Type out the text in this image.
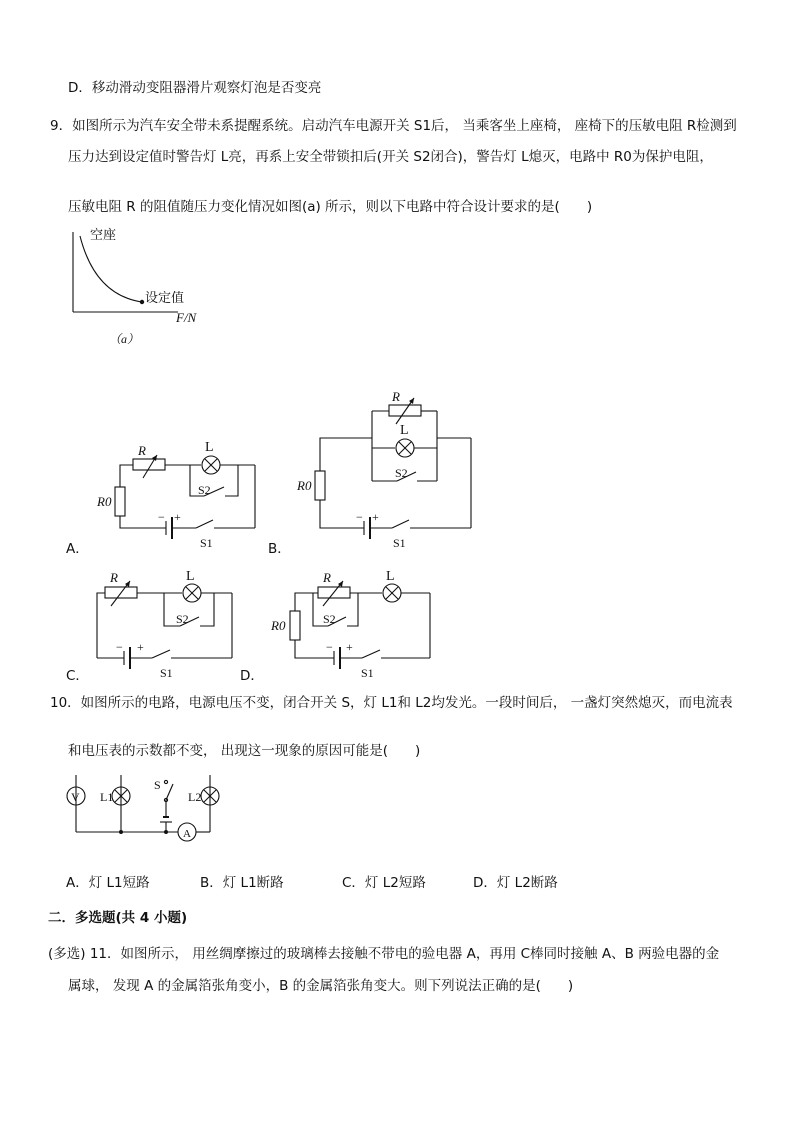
D．移动滑动变阻器滑片观察灯泡是否变亮
9．如图所示为汽车安全带未系提醒系统。启动汽车电源开关 S1后， 当乘客坐上座椅， 座椅下的压敏电阻 R检测到
压力达到设定值时警告灯 L亮，再系上安全带锁扣后(开关 S2闭合)，警告灯 L熄灭，电路中 R0为保护电阻，
压敏电阻 R 的阻值随压力变化情况如图(a) 所示，则以下电路中符合设计要求的是(　　)
空座
设定值
F/N
（a）
R	L
R0
S2
− +
S1
A．
R
L
R0
S2
− +
S1
B．
R	L
S2
− +
S1
C．
R	L
R0	S2
− +
S1
D．
10．如图所示的电路，电源电压不变，闭合开关 S，灯 L1和 L2均发光。一段时间后， 一盏灯突然熄灭，而电流表
和电压表的示数都不变， 出现这一现象的原因可能是(　　)
V L1	L2
S
A
A．灯 L1短路	B．灯 L1断路	C．灯 L2短路	D．灯 L2断路
二．多选题(共 4 小题)
(多选) 11．如图所示， 用丝绸摩擦过的玻璃棒去接触不带电的验电器 A，再用 C棒同时接触 A、B 两验电器的金
属球， 发现 A 的金属箔张角变小，B 的金属箔张角变大。则下列说法正确的是(　　)
